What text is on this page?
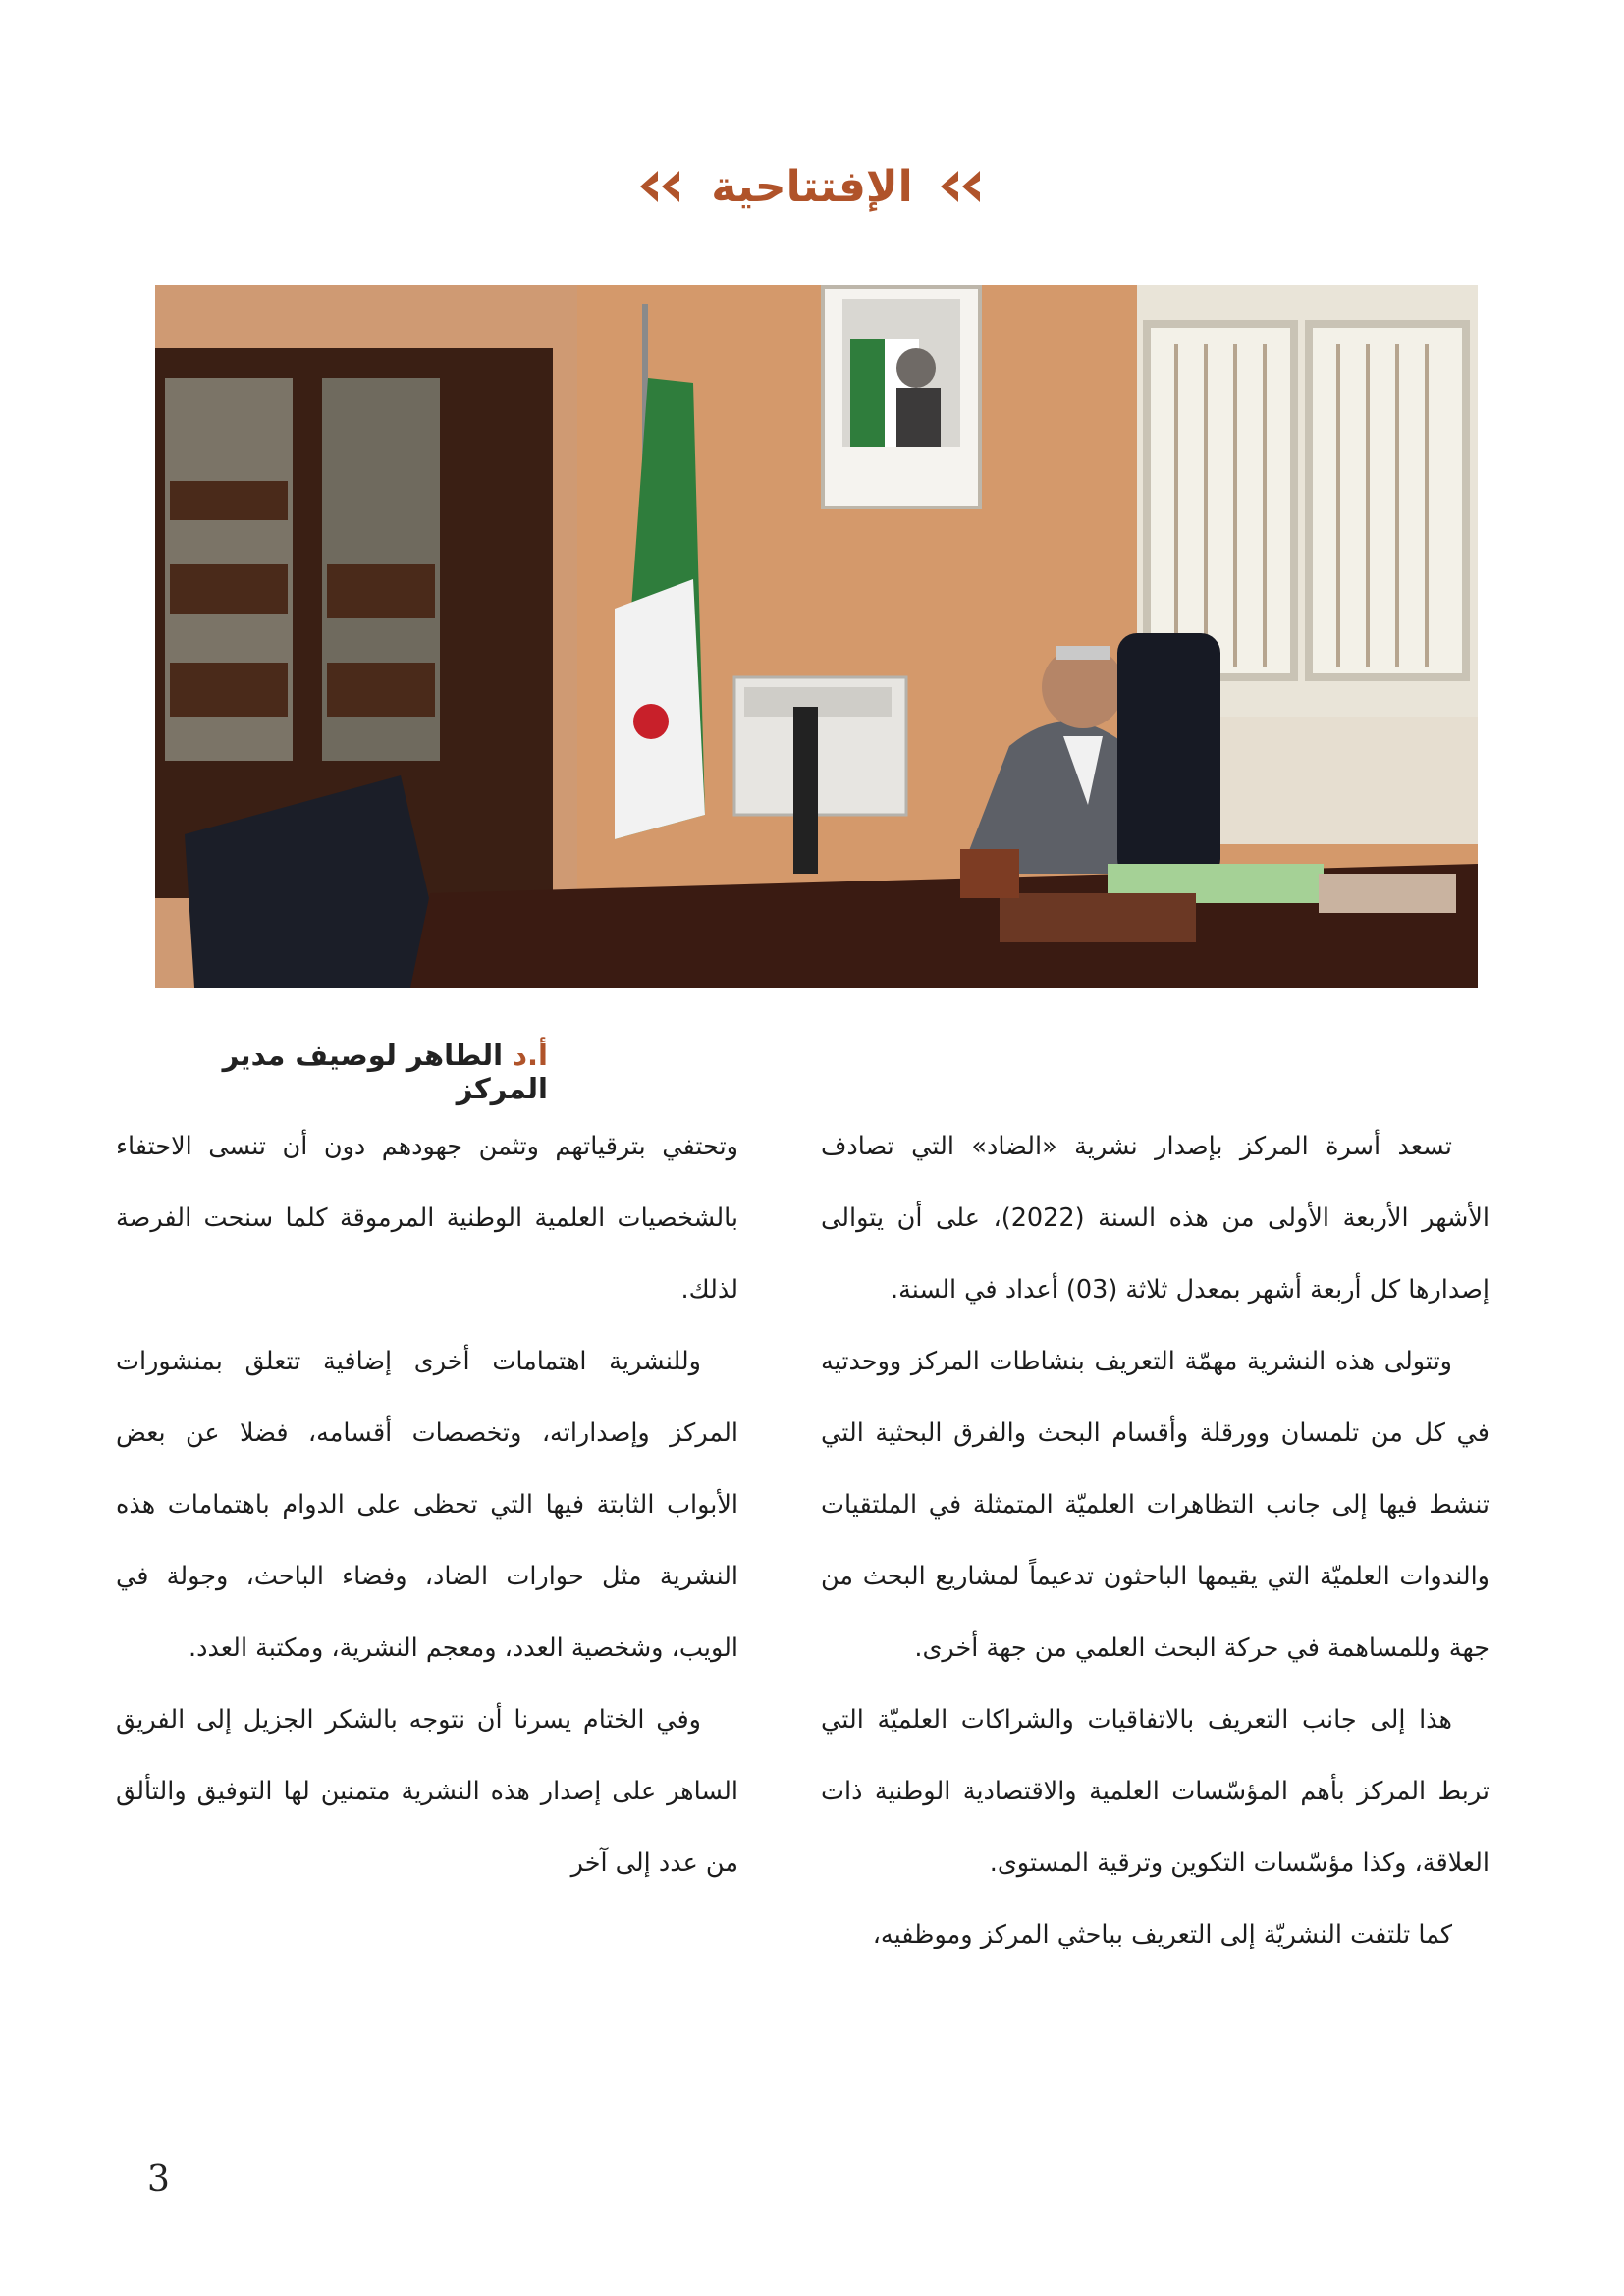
الإفتتاحية
أ.د الطاهر لوصيف مدير المركز

تسعد أسرة المركز بإصدار نشرية «الضاد» التي تصادف الأشهر الأربعة الأولى من هذه السنة (2022)، على أن يتوالى إصدارها كل أربعة أشهر بمعدل ثلاثة (03) أعداد في السنة.

وتتولى هذه النشرية مهمّة التعريف بنشاطات المركز ووحدتيه في كل من تلمسان وورقلة وأقسام البحث والفرق البحثية التي تنشط فيها إلى جانب التظاهرات العلميّة المتمثلة في الملتقيات والندوات العلميّة التي يقيمها الباحثون تدعيماً لمشاريع البحث من جهة وللمساهمة في حركة البحث العلمي من جهة أخرى.

هذا إلى جانب التعريف بالاتفاقيات والشراكات العلميّة التي تربط المركز بأهم المؤسّسات العلمية والاقتصادية الوطنية ذات العلاقة، وكذا مؤسّسات التكوين وترقية المستوى.

كما تلتفت النشريّة إلى التعريف بباحثي المركز وموظفيه،

وتحتفي بترقياتهم وتثمن جهودهم دون أن تنسى الاحتفاء بالشخصيات العلمية الوطنية المرموقة كلما سنحت الفرصة لذلك.

وللنشرية اهتمامات أخرى إضافية تتعلق بمنشورات المركز وإصداراته، وتخصصات أقسامه، فضلا عن بعض الأبواب الثابتة فيها التي تحظى على الدوام باهتمامات هذه النشرية مثل حوارات الضاد، وفضاء الباحث، وجولة في الويب، وشخصية العدد، ومعجم النشرية، ومكتبة العدد.

وفي الختام يسرنا أن نتوجه بالشكر الجزيل إلى الفريق الساهر على إصدار هذه النشرية متمنين لها التوفيق والتألق من عدد إلى آخر

3
